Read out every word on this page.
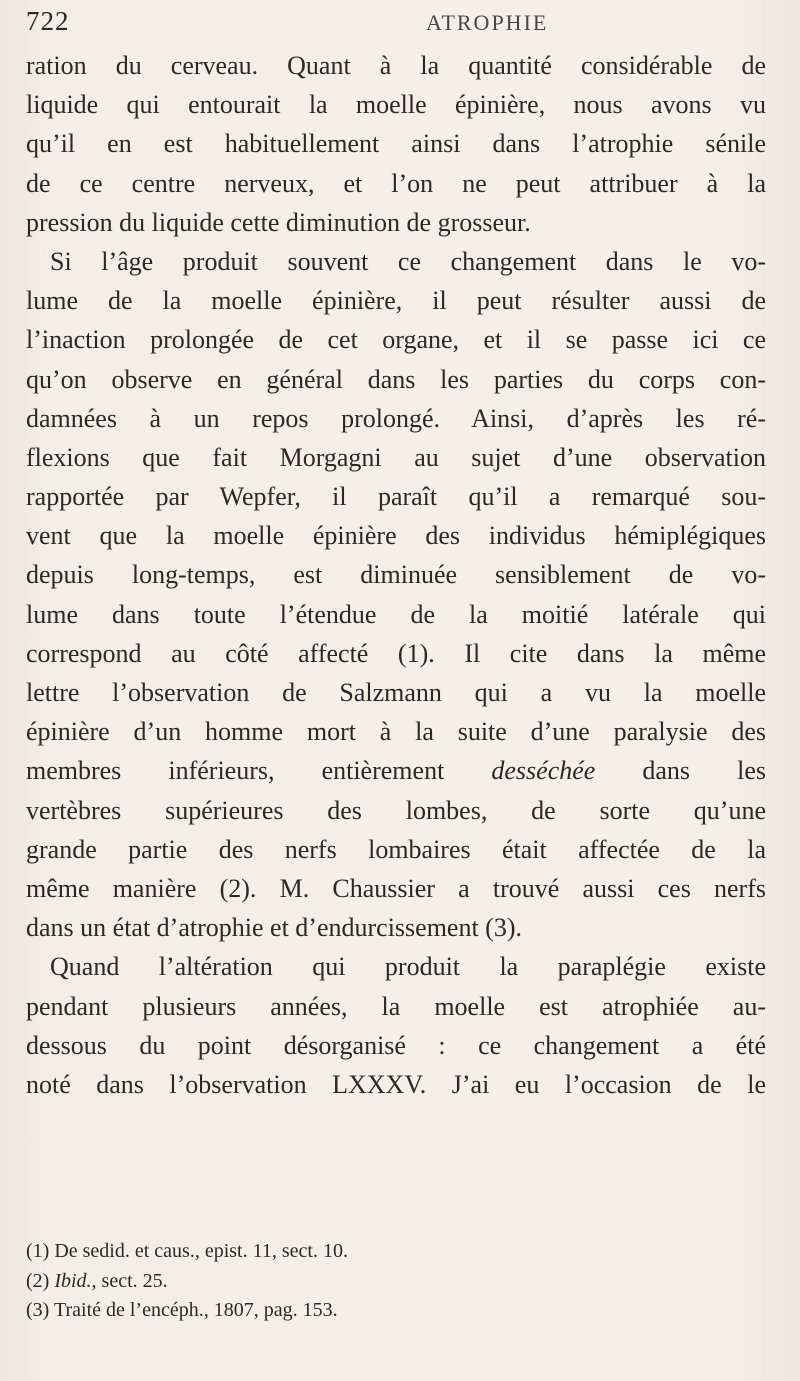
722	ATROPHIE
ration du cerveau. Quant à la quantité considérable de
liquide qui entourait la moelle épinière, nous avons vu
qu’il en est habituellement ainsi dans l’atrophie sénile
de ce centre nerveux, et l’on ne peut attribuer à la
pression du liquide cette diminution de grosseur.
Si l’âge produit souvent ce changement dans le vo-
lume de la moelle épinière, il peut résulter aussi de
l’inaction prolongée de cet organe, et il se passe ici ce
qu’on observe en général dans les parties du corps con-
damnées à un repos prolongé. Ainsi, d’après les ré-
flexions que fait Morgagni au sujet d’une observation
rapportée par Wepfer, il paraît qu’il a remarqué sou-
vent que la moelle épinière des individus hémiplégiques
depuis long-temps, est diminuée sensiblement de vo-
lume dans toute l’étendue de la moitié latérale qui
correspond au côté affecté (1). Il cite dans la même
lettre l’observation de Salzmann qui a vu la moelle
épinière d’un homme mort à la suite d’une paralysie des
membres inférieurs, entièrement desséchée dans les
vertèbres supérieures des lombes, de sorte qu’une
grande partie des nerfs lombaires était affectée de la
même manière (2). M. Chaussier a trouvé aussi ces nerfs
dans un état d’atrophie et d’endurcissement (3).
Quand l’altération qui produit la paraplégie existe
pendant plusieurs années, la moelle est atrophiée au-
dessous du point désorganisé : ce changement a été
noté dans l’observation LXXXV. J’ai eu l’occasion de le
(1) De sedid. et caus., epist. 11, sect. 10.
(2) Ibid., sect. 25.
(3) Traité de l’encéph., 1807, pag. 153.
